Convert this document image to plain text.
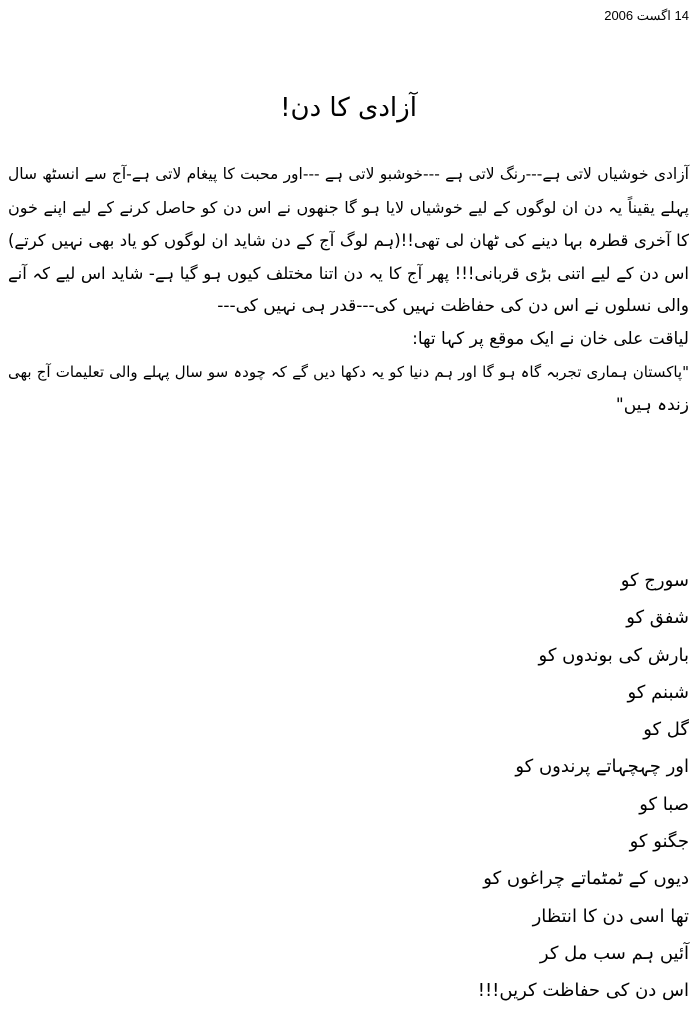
14 اگست 2006
آزادی کا دن!
آزادی خوشیاں لاتی ہے---رنگ لاتی ہے ---خوشبو لاتی ہے ---اور محبت کا پیغام لاتی ہے-آج سے انسٹھ سال
پہلے یقیناً یہ دن ان لوگوں کے لیے خوشیاں لایا ہو گا جنھوں نے اس دن کو حاصل کرنے کے لیے اپنے خون
کا آخری قطرہ بہا دینے کی ٹھان لی تھی!!(ہم لوگ آج کے دن شاید ان لوگوں کو یاد بھی نہیں کرتے)
اس دن کے لیے اتنی بڑی قربانی!!! پھر آج کا یہ دن اتنا مختلف کیوں ہو گیا ہے- شاید اس لیے کہ آنے
والی نسلوں نے اس دن کی حفاظت نہیں کی---قدر ہی نہیں کی---
لیاقت علی خان نے ایک موقع پر کہا تھا:
"پاکستان ہماری تجربہ گاہ ہو گا اور ہم دنیا کو یہ دکھا دیں گے کہ چودہ سو سال پہلے والی تعلیمات آج بھی
زندہ ہیں"
سورج کو
شفق کو
بارش کی بوندوں کو
شبنم کو
گل کو
اور چہچہاتے پرندوں کو
صبا کو
جگنو کو
دیوں کے ٹمٹماتے چراغوں کو
تھا اسی دن کا انتظار
آئیں ہم سب مل کر
اس دن کی حفاظت کریں!!!
